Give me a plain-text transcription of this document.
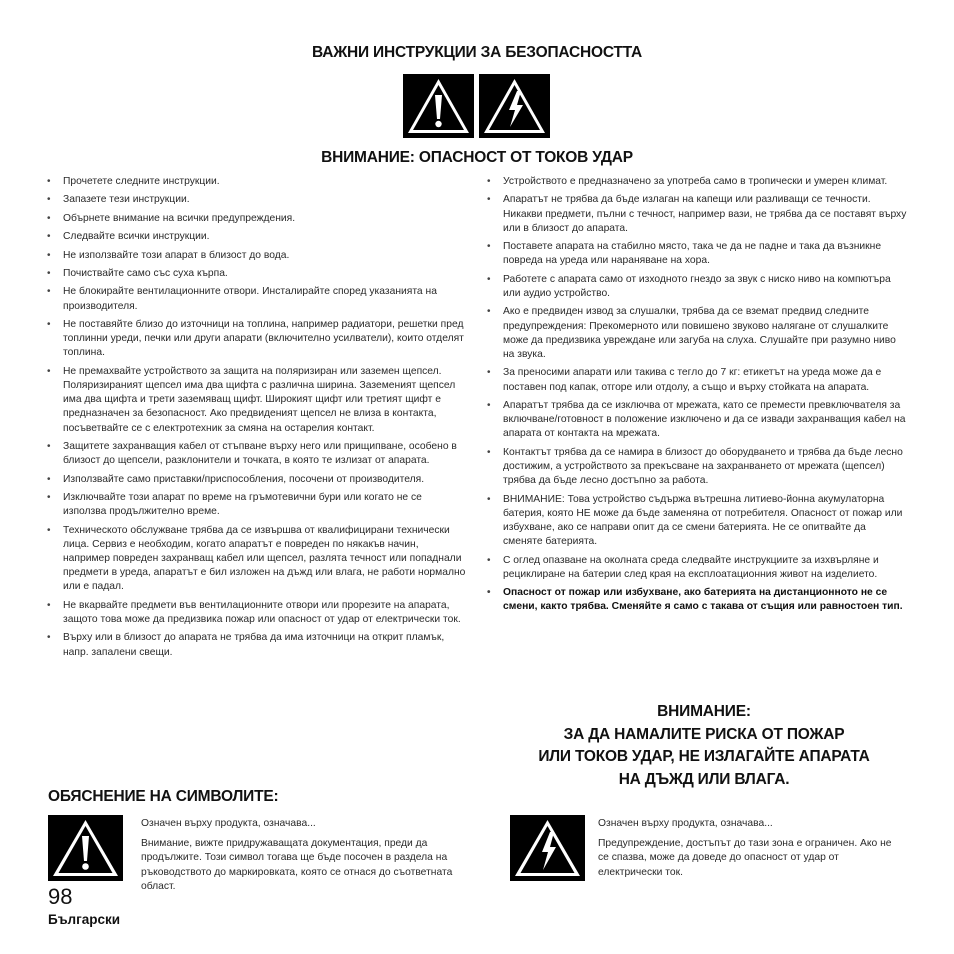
ВАЖНИ ИНСТРУКЦИИ ЗА БЕЗОПАСНОСТТА
ВНИМАНИЕ: ОПАСНОСТ ОТ ТОКОВ УДАР
• Прочетете следните инструкции.
• Запазете тези инструкции.
• Обърнете внимание на всички предупреждения.
• Следвайте всички инструкции.
• Не използвайте този апарат в близост до вода.
• Почиствайте само със суха кърпа.
• Не блокирайте вентилационните отвори. Инсталирайте според указанията на производителя.
• Не поставяйте близо до източници на топлина, например радиатори, решетки пред топлинни уреди, печки или други апарати (включително усилватели), които отделят топлина.
• Не премахвайте устройството за защита на поляризиран или заземен щепсел. Поляризираният щепсел има два щифта с различна ширина. Заземеният щепсел има два щифта и трети заземяващ щифт. Широкият щифт или третият щифт е предназначен за безопасност. Ако предвиденият щепсел не влиза в контакта, посъветвайте се с електротехник за смяна на остарелия контакт.
• Защитете захранващия кабел от стъпване върху него или прищипване, особено в близост до щепсели, разклонители и точката, в която те излизат от апарата.
• Използвайте само приставки/приспособления, посочени от производителя.
• Изключвайте този апарат по време на гръмотевични бури или когато не се използва продължително време.
• Техническото обслужване трябва да се извършва от квалифицирани технически лица. Сервиз е необходим, когато апаратът е повреден по някакъв начин, например повреден захранващ кабел или щепсел, разлята течност или попаднали предмети в уреда, апаратът е бил изложен на дъжд или влага, не работи нормално или е падал.
• Не вкарвайте предмети във вентилационните отвори или прорезите на апарата, защото това може да предизвика пожар или опасност от удар от електрически ток.
• Върху или в близост до апарата не трябва да има източници на открит пламък, напр. запалени свещи.
• Устройството е предназначено за употреба само в тропически и умерен климат.
• Апаратът не трябва да бъде излаган на капещи или разливащи се течности. Никакви предмети, пълни с течност, например вази, не трябва да се поставят върху или в близост до апарата.
• Поставете апарата на стабилно място, така че да не падне и така да възникне повреда на уреда или нараняване на хора.
• Работете с апарата само от изходното гнездо за звук с ниско ниво на компютъра или аудио устройство.
• Ако е предвиден извод за слушалки, трябва да се вземат предвид следните предупреждения: Прекомерното или повишено звуково налягане от слушалките може да предизвика увреждане или загуба на слуха. Слушайте при разумно ниво на звука.
• За преносими апарати или такива с тегло до 7 кг: етикетът на уреда може да е поставен под капак, отгоре или отдолу, а също и върху стойката на апарата.
• Апаратът трябва да се изключва от мрежата, като се премести превключвателя за включване/готовност в положение изключено и да се извади захранващия кабел на апарата от контакта на мрежата.
• Контактът трябва да се намира в близост до оборудването и трябва да бъде лесно достижим, а устройството за прекъсване на захранването от мрежата (щепсел) трябва да бъде лесно достъпно за работа.
• ВНИМАНИЕ: Това устройство съдържа вътрешна литиево-йонна акумулаторна батерия, която НЕ може да бъде заменяна от потребителя. Опасност от пожар или избухване, ако се направи опит да се смени батерията. Не се опитвайте да сменяте батерията.
• С оглед опазване на околната среда следвайте инструкциите за изхвърляне и рециклиране на батерии след края на експлоатационния живот на изделието.
• Опасност от пожар или избухване, ако батерията на дистанционното не се смени, както трябва. Сменяйте я само с такава от същия или равностоен тип.
ВНИМАНИЕ:
ЗА ДА НАМАЛИТЕ РИСКА ОТ ПОЖАР
ИЛИ ТОКОВ УДАР, НЕ ИЗЛАГАЙТЕ АПАРАТА
НА ДЪЖД ИЛИ ВЛАГА.
ОБЯСНЕНИЕ НА СИМВОЛИТЕ:

Означен върху продукта, означава...

Внимание, вижте придружаващата документация, преди да продължите. Този символ тогава ще бъде посочен в раздела на ръководството до маркировката, която се отнася до съответната област.

Означен върху продукта, означава...

Предупреждение, достъпът до тази зона е ограничен. Ако не се спазва, може да доведе до опасност от удар от електрически ток.

98
Български
